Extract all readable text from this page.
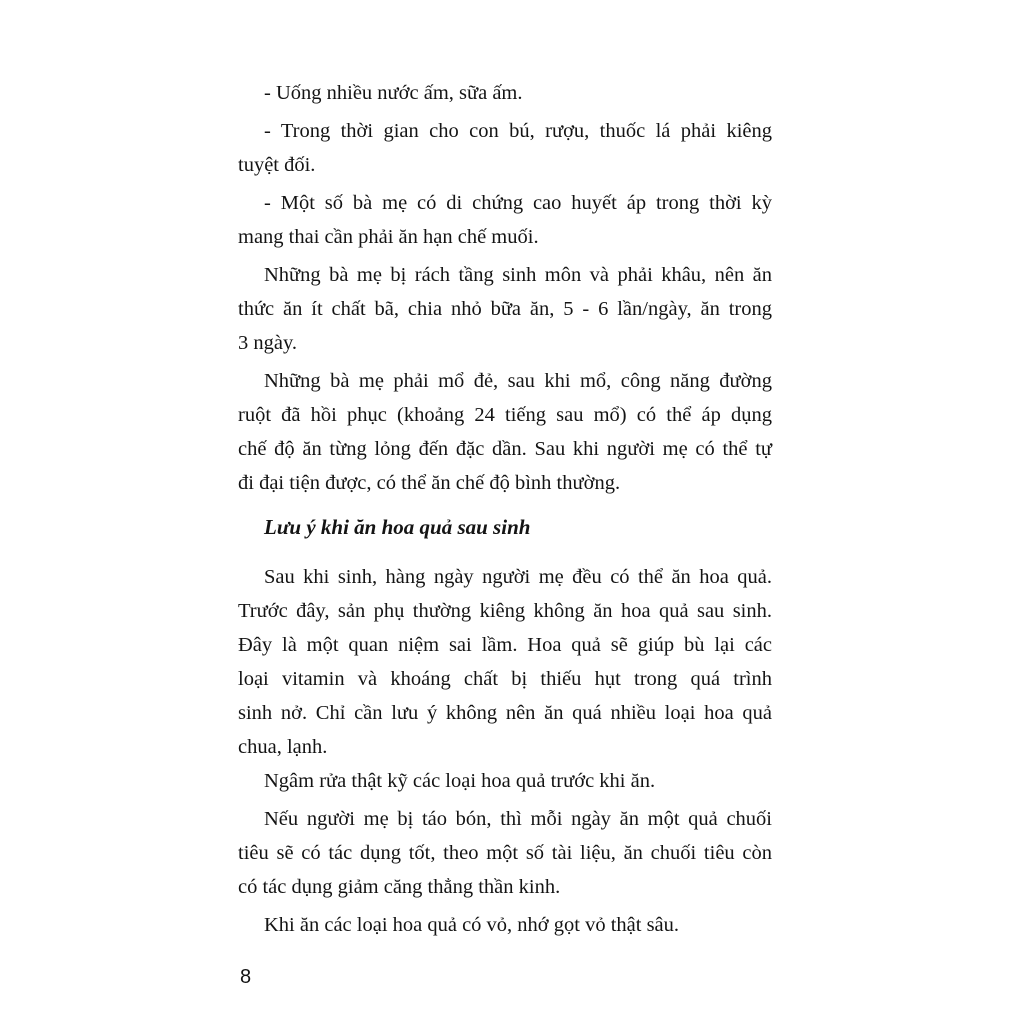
- Uống nhiều nước ấm, sữa ấm.
- Trong thời gian cho con bú, rượu, thuốc lá phải kiêng
tuyệt đối.
- Một số bà mẹ có di chứng cao huyết áp trong thời kỳ
mang thai cần phải ăn hạn chế muối.
Những bà mẹ bị rách tầng sinh môn và phải khâu, nên ăn
thức ăn ít chất bã, chia nhỏ bữa ăn, 5 - 6 lần/ngày, ăn trong
3 ngày.
Những bà mẹ phải mổ đẻ, sau khi mổ, công năng đường
ruột đã hồi phục (khoảng 24 tiếng sau mổ) có thể áp dụng
chế độ ăn từng lỏng đến đặc dần. Sau khi người mẹ có thể tự
đi đại tiện được, có thể ăn chế độ bình thường.

Lưu ý khi ăn hoa quả sau sinh

Sau khi sinh, hàng ngày người mẹ đều có thể ăn hoa quả.
Trước đây, sản phụ thường kiêng không ăn hoa quả sau sinh.
Đây là một quan niệm sai lầm. Hoa quả sẽ giúp bù lại các
loại vitamin và khoáng chất bị thiếu hụt trong quá trình
sinh nở. Chỉ cần lưu ý không nên ăn quá nhiều loại hoa quả
chua, lạnh.
Ngâm rửa thật kỹ các loại hoa quả trước khi ăn.
Nếu người mẹ bị táo bón, thì mỗi ngày ăn một quả chuối
tiêu sẽ có tác dụng tốt, theo một số tài liệu, ăn chuối tiêu còn
có tác dụng giảm căng thẳng thần kinh.
Khi ăn các loại hoa quả có vỏ, nhớ gọt vỏ thật sâu.

8
